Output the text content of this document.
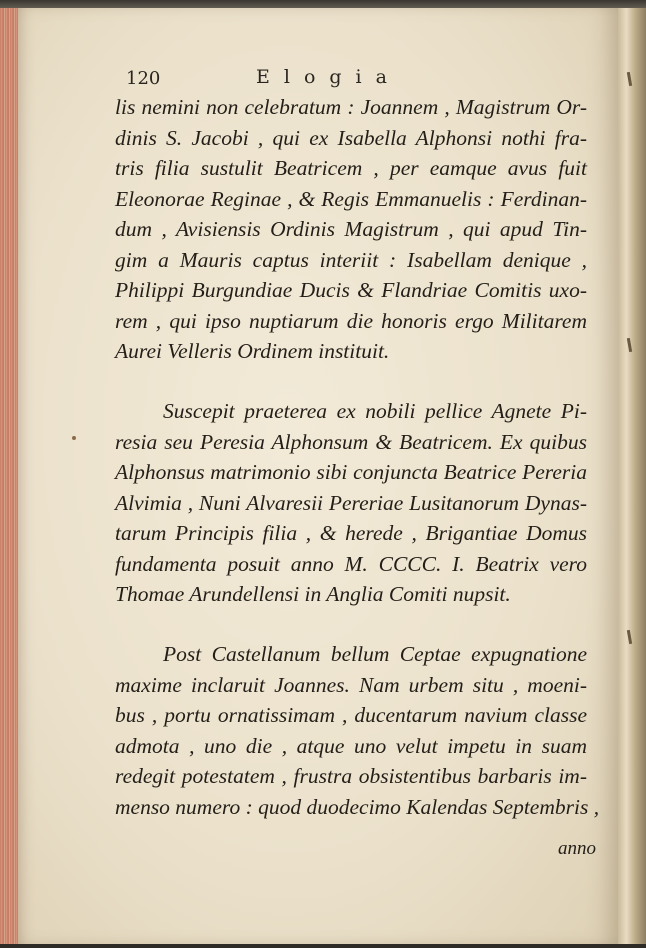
120	Elogia
lis nemini non celebratum : Joannem , Magistrum Or-
dinis S. Jacobi , qui ex Isabella Alphonsi nothi fra-
tris filia sustulit Beatricem , per eamque avus fuit
Eleonorae Reginae , & Regis Emmanuelis : Ferdinan-
dum , Avisiensis Ordinis Magistrum , qui apud Tin-
gim a Mauris captus interiit : Isabellam denique ,
Philippi Burgundiae Ducis & Flandriae Comitis uxo-
rem , qui ipso nuptiarum die honoris ergo Militarem
Aurei Velleris Ordinem instituit.
Suscepit praeterea ex nobili pellice Agnete Pi-
resia seu Peresia Alphonsum & Beatricem. Ex quibus
Alphonsus matrimonio sibi conjuncta Beatrice Pereria
Alvimia , Nuni Alvaresii Pereriae Lusitanorum Dynas-
tarum Principis filia , & herede , Brigantiae Domus
fundamenta posuit anno M. CCCC. I. Beatrix vero
Thomae Arundellensi in Anglia Comiti nupsit.
Post Castellanum bellum Ceptae expugnatione
maxime inclaruit Joannes. Nam urbem situ , moeni-
bus , portu ornatissimam , ducentarum navium classe
admota , uno die , atque uno velut impetu in suam
redegit potestatem , frustra obsistentibus barbaris im-
menso numero : quod duodecimo Kalendas Septembris ,
anno
